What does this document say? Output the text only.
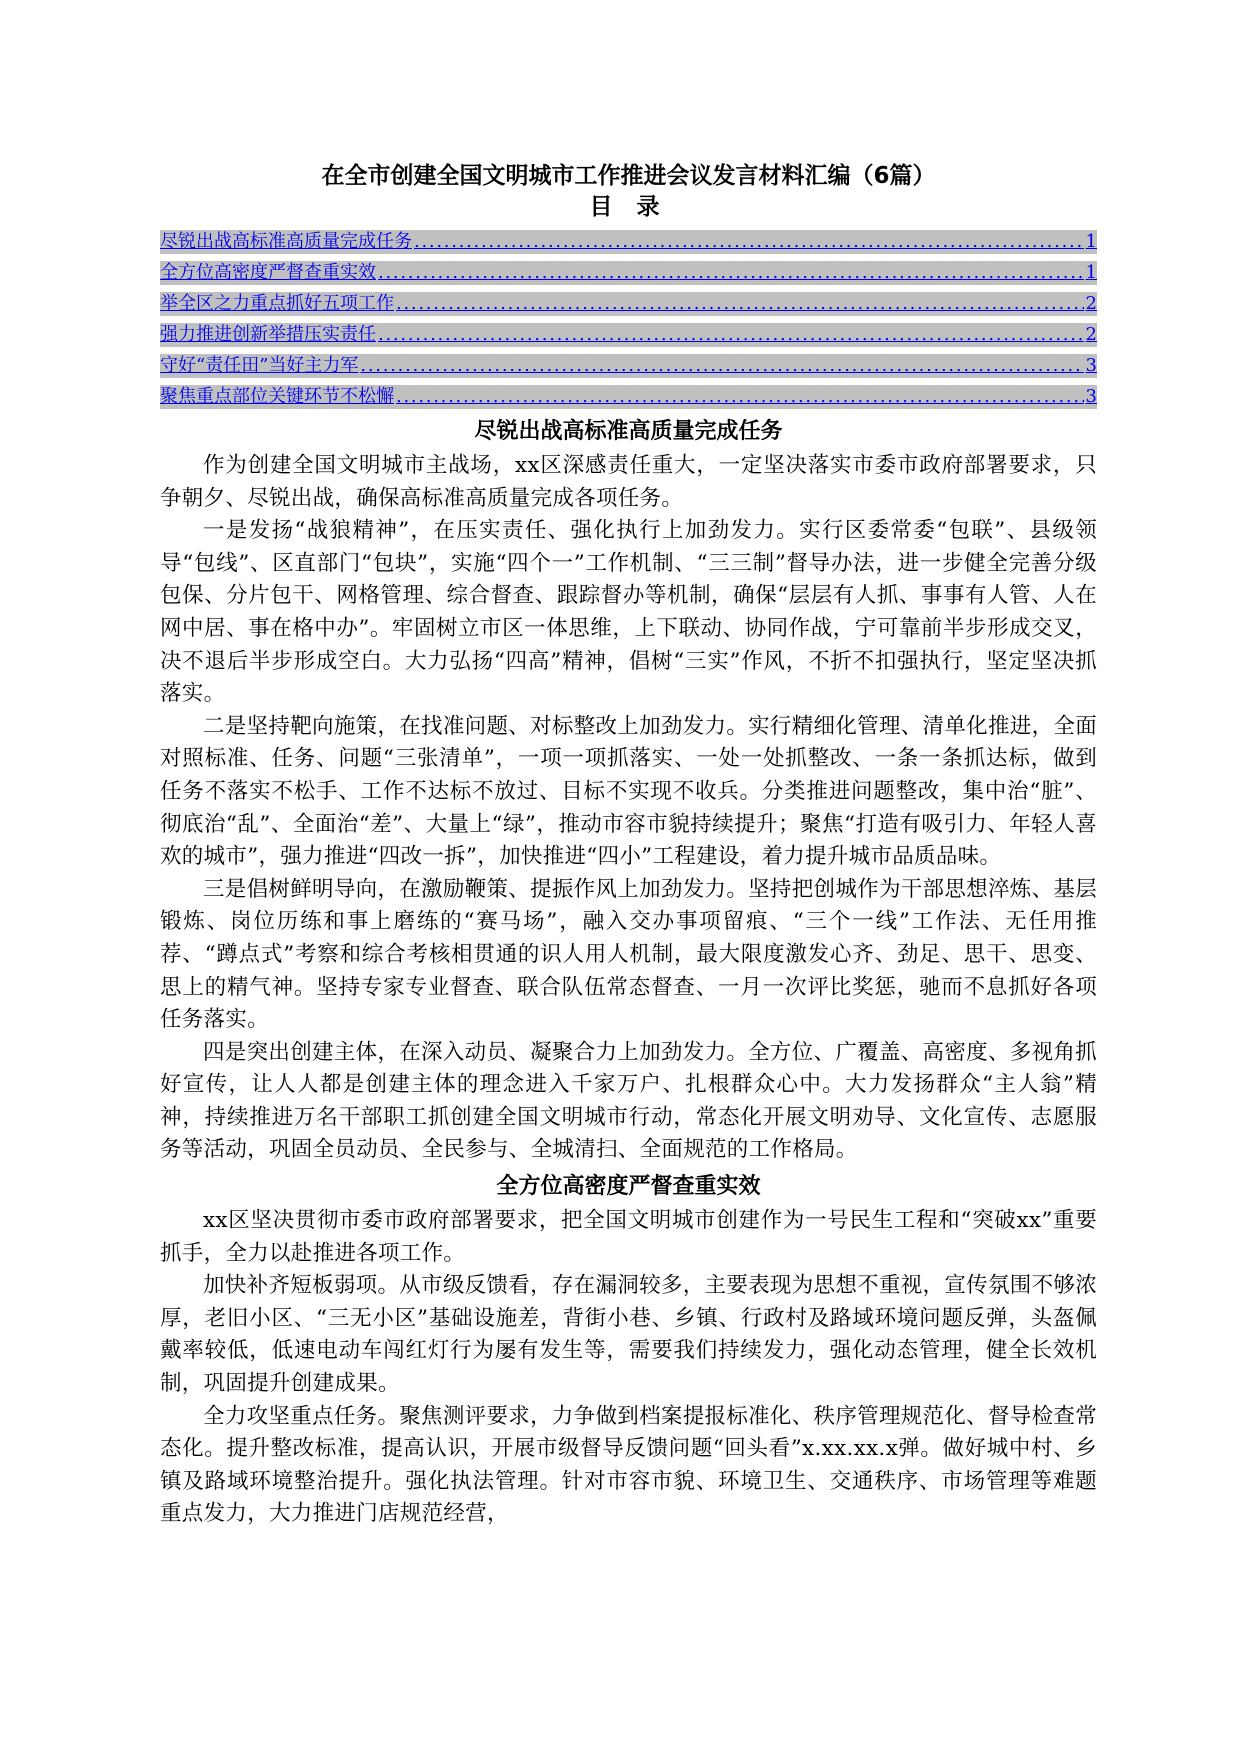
在全市创建全国文明城市工作推进会议发言材料汇编（6篇）
目 录
尽锐出战高标准高质量完成任务 . . .	1
全方位高密度严督查重实效 . . .	1
举全区之力重点抓好五项工作 . . .	2
强力推进创新举措压实责任 . . .	2
守好“责任田”当好主力军 . . .	3
聚焦重点部位关键环节不松懈 . . .	3
尽锐出战高标准高质量完成任务

作为创建全国文明城市主战场，xx区深感责任重大，一定坚决落实市委市政府部署要求，只争朝夕、尽锐出战，确保高标准高质量完成各项任务。

一是发扬“战狼精神”，在压实责任、强化执行上加劲发力。实行区委常委“包联”、县级领导“包线”、区直部门“包块”，实施“四个一”工作机制、“三三制”督导办法，进一步健全完善分级包保、分片包干、网格管理、综合督查、跟踪督办等机制，确保“层层有人抓、事事有人管、人在网中居、事在格中办”。牢固树立市区一体思维，上下联动、协同作战，宁可靠前半步形成交叉，决不退后半步形成空白。大力弘扬“四高”精神，倡树“三实”作风，不折不扣强执行，坚定坚决抓落实。

二是坚持靶向施策，在找准问题、对标整改上加劲发力。实行精细化管理、清单化推进，全面对照标准、任务、问题“三张清单”，一项一项抓落实、一处一处抓整改、一条一条抓达标，做到任务不落实不松手、工作不达标不放过、目标不实现不收兵。分类推进问题整改，集中治“脏”、彻底治“乱”、全面治“差”、大量上“绿”，推动市容市貌持续提升；聚焦“打造有吸引力、年轻人喜欢的城市”，强力推进“四改一拆”，加快推进“四小”工程建设，着力提升城市品质品味。

三是倡树鲜明导向，在激励鞭策、提振作风上加劲发力。坚持把创城作为干部思想淬炼、基层锻炼、岗位历练和事上磨练的“赛马场”，融入交办事项留痕、“三个一线”工作法、无任用推荐、“蹲点式”考察和综合考核相贯通的识人用人机制，最大限度激发心齐、劲足、思干、思变、思上的精气神。坚持专家专业督查、联合队伍常态督查、一月一次评比奖惩，驰而不息抓好各项任务落实。

四是突出创建主体，在深入动员、凝聚合力上加劲发力。全方位、广覆盖、高密度、多视角抓好宣传，让人人都是创建主体的理念进入千家万户、扎根群众心中。大力发扬群众“主人翁”精神，持续推进万名干部职工抓创建全国文明城市行动，常态化开展文明劝导、文化宣传、志愿服务等活动，巩固全员动员、全民参与、全城清扫、全面规范的工作格局。

全方位高密度严督查重实效

xx区坚决贯彻市委市政府部署要求，把全国文明城市创建作为一号民生工程和“突破xx”重要抓手，全力以赴推进各项工作。

加快补齐短板弱项。从市级反馈看，存在漏洞较多，主要表现为思想不重视，宣传氛围不够浓厚，老旧小区、“三无小区”基础设施差，背街小巷、乡镇、行政村及路域环境问题反弹，头盔佩戴率较低，低速电动车闯红灯行为屡有发生等，需要我们持续发力，强化动态管理，健全长效机制，巩固提升创建成果。

全力攻坚重点任务。聚焦测评要求，力争做到档案提报标准化、秩序管理规范化、督导检查常态化。提升整改标准，提高认识，开展市级督导反馈问题“回头看”x.xx.xx.x弹。做好城中村、乡镇及路域环境整治提升。强化执法管理。针对市容市貌、环境卫生、交通秩序、市场管理等难题重点发力，大力推进门店规范经营，
